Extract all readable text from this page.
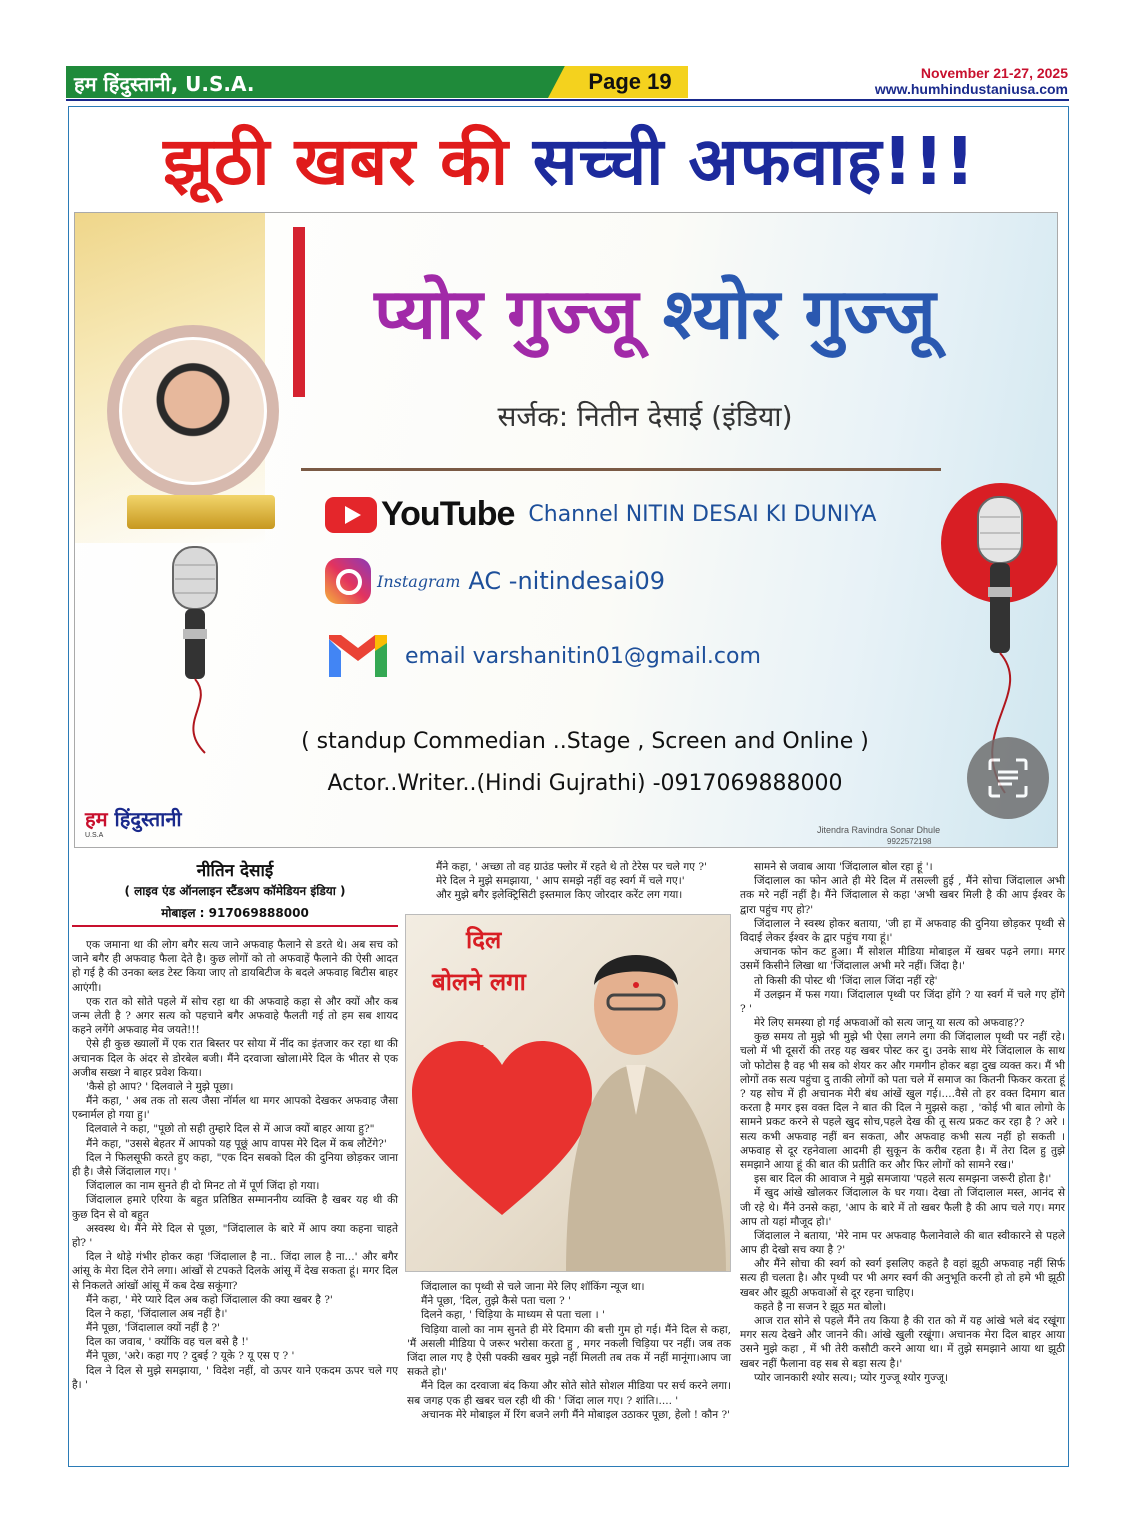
हम हिंदुस्तानी, U.S.A.	Page 19	November 21-27, 2025
www.humhindustaniusa.com
झूठी खबर की सच्ची अफवाह!!!
प्योर गुज्जू श्योर गुज्जू
सर्जक: नितीन देसाई (इंडिया)
YouTube Channel NITIN DESAI KI DUNIYA
Instagram AC -nitindesai09
email varshanitin01@gmail.com
( standup Commedian ..Stage , Screen and Online )
Actor..Writer..(Hindi Gujrathi) -0917069888000
Jitendra Ravindra Sonar Dhule
9922572198
हम हिंदुस्तानी
U.S.A
नीतिन देसाई
( लाइव एंड ऑनलाइन स्टैंडअप कॉमेडियन इंडिया )
मोबाइल : 917069888000

एक जमाना था की लोग बगैर सत्य जाने अफवाह फैलाने से डरते थे। अब सच को जाने बगैर ही अफवाह फैला देते है। कुछ लोगों को तो अफवाहें फैलाने की ऐसी आदत हो गई है की उनका ब्लड टेस्ट किया जाए तो डायबिटीज के बदले अफवाह बिटीस बाहर आएंगी।

एक रात को सोते पहले में सोच रहा था की अफवाहे कहा से और क्यों और कब जन्म लेती है ? अगर सत्य को पहचाने बगैर अफवाहे फैलती गई तो हम सब शायद कहने लगेंगे अफवाह मेव जयते!!!

ऐसे ही कुछ ख्यालों में एक रात बिस्तर पर सोया में नींद का इंतजार कर रहा था की अचानक दिल के अंदर से डोरबेल बजी। मैंने दरवाजा खोला।मेरे दिल के भीतर से एक अजीब सख्श ने बाहर प्रवेश किया।

'कैसे हो आप? ' दिलवाले ने मुझे पूछा।

मैंने कहा, ' अब तक तो सत्य जैसा नॉर्मल था मगर आपको देखकर अफवाह जैसा एब्नार्मल हो गया हु।'

दिलवाले ने कहा, "पूछो तो सही तुम्हारे दिल से में आज क्यों बाहर आया हु?"

मैंने कहा, "उससे बेहतर में आपको यह पूछूं आप वापस मेरे दिल में कब लौटेंगे?'

दिल ने फिलसूफी करते हुए कहा, "एक दिन सबको दिल की दुनिया छोड़कर जाना ही है। जैसे जिंदालाल गए। '

जिंदालाल का नाम सुनते ही दो मिनट तो में पूर्ण जिंदा हो गया।

जिंदालाल हमारे एरिया के बहुत प्रतिष्ठित सम्माननीय व्यक्ति है खबर यह थी की कुछ दिन से वो बहुत

अस्वस्थ थे। मैंने मेरे दिल से पूछा, "जिंदालाल के बारे में आप क्या कहना चाहते हो? '

दिल ने थोड़े गंभीर होकर कहा 'जिंदालाल है ना.. जिंदा लाल है ना...' और बगैर आंसू के मेरा दिल रोने लगा। आंखों से टपकते दिलके आंसू में देख सकता हूं। मगर दिल से निकलते आंखों आंसू में कब देख सकूंगा?

मैंने कहा, ' मेरे प्यारे दिल अब कहो जिंदालाल की क्या खबर है ?'

दिल ने कहा, 'जिंदालाल अब नहीं है।'

मैंने पूछा, 'जिंदालाल क्यों नहीं है ?'

दिल का जवाब, ' क्योंकि वह चल बसे है !'

मैंने पूछा, 'अरे। कहा गए ? दुबई ? यूके ? यू एस ए ? '

दिल ने दिल से मुझे समझाया, ' विदेश नहीं, वो ऊपर याने एकदम ऊपर चले गए है। '

मैंने कहा, ' अच्छा तो वह ग्राउंड फ्लोर में रहते थे तो टेरेस पर चले गए ?'

मेरे दिल ने मुझे समझाया, ' आप समझे नहीं वह स्वर्ग में चले गए।'

और मुझे बगैर इलेक्ट्रिसिटी इस्तमाल किए जोरदार करेंट लग गया।

दिल
बोलने लगा

जिंदालाल का पृथ्वी से चले जाना मेरे लिए शॉकिंग न्यूज था।

मैंने पूछा, 'दिल, तुझे कैसे पता चला ? '

दिलने कहा, ' चिड़िया के माध्यम से पता चला । '

चिड़िया वालो का नाम सुनते ही मेरे दिमाग की बत्ती गुम हो गई। मैंने दिल से कहा, 'मैं असली मीडिया पे जरूर भरोसा करता हु , मगर नकली चिड़िया पर नहीं। जब तक जिंदा लाल गए है ऐसी पक्की खबर मुझे नहीं मिलती तब तक में नहीं मानूंगा।आप जा सकते हो।'

मैंने दिल का दरवाजा बंद किया और सोते सोते सोशल मीडिया पर सर्च करने लगा। सब जगह एक ही खबर चल रही थी की ' जिंदा लाल गए। ? शांति।.... '

अचानक मेरे मोबाइल में रिंग बजने लगी मैंने मोबाइल उठाकर पूछा, हेलो ! कौन ?'

सामने से जवाब आया 'जिंदालाल बोल रहा हूं '।

जिंदालाल का फोन आते ही मेरे दिल में तसल्ली हुई , मैंने सोचा जिंदालाल अभी तक मरे नहीं नहीं है। मैंने जिंदालाल से कहा 'अभी खबर मिली है की आप ईश्वर के द्वारा पहुंच गए हो?'

जिंदालाल ने स्वस्थ होकर बताया, 'जी हा में अफवाह की दुनिया छोड़कर पृथ्वी से विदाई लेकर ईश्वर के द्वार पहुंच गया हूं।'

अचानक फोन कट हुआ। मैं सोशल मीडिया मोबाइल में खबर पढ़ने लगा। मगर उसमें किसीने लिखा था 'जिंदालाल अभी मरे नहीं। जिंदा है।'

तो किसी की पोस्ट थी 'जिंदा लाल जिंदा नहीं रहे'

में उलझन में फस गया। जिंदालाल पृथ्वी पर जिंदा होंगे ? या स्वर्ग में चले गए होंगे ? '

मेरे लिए समस्या हो गई अफवाओं को सत्य जानू या सत्य को अफवाह??

कुछ समय तो मुझे भी मुझे भी ऐसा लगने लगा की जिंदालाल पृथ्वी पर नहीं रहे। चलो में भी दूसरों की तरह यह खबर पोस्ट कर दु। उनके साथ मेरे जिंदालाल के साथ जो फोटोस है वह भी सब को शेयर कर और गमगीन होकर बड़ा दुख व्यक्त कर। मैं भी लोगों तक सत्य पहुंचा दु ताकी लोगों को पता चले में समाज का कितनी फिकर करता हूं ? यह सोच में ही अचानक मेरी बंध आंखें खुल गई।....वैसे तो हर वक्त दिमाग बात करता है मगर इस वक्त दिल ने बात की दिल ने मुझसे कहा , 'कोई भी बात लोगो के सामने प्रकट करने से पहले खुद सोच,पहले देख की तू सत्य प्रकट कर रहा है ? अरे । सत्य कभी अफवाह नहीं बन सकता, और अफवाह कभी सत्य नहीं हो सकती । अफवाह से दूर रहनेवाला आदमी ही सुकून के करीब रहता है। में तेरा दिल हु तुझे समझाने आया हूं की बात की प्रतीति कर और फिर लोगों को सामने रख।'

इस बार दिल की आवाज ने मुझे समजाया 'पहले सत्य समझना जरूरी होता है।'

में खुद आंखे खोलकर जिंदालाल के घर गया। देखा तो जिंदालाल मस्त, आनंद से जी रहे थे। मैंने उनसे कहा, 'आप के बारे में तो खबर फैली है की आप चले गए। मगर आप तो यहां मौजूद हो।'

जिंदालाल ने बताया, 'मेरे नाम पर अफवाह फैलानेवाले की बात स्वीकारने से पहले आप ही देखो सच क्या है ?'

और मैंने सोचा की स्वर्ग को स्वर्ग इसलिए कहते है वहां झूठी अफवाह नहीं सिर्फ सत्य ही चलता है। और पृथ्वी पर भी अगर स्वर्ग की अनुभूति करनी हो तो हमे भी झूठी खबर और झूठी अफवाओं से दूर रहना चाहिए।

कहते है ना सजन रे झूठ मत बोलो।

आज रात सोने से पहले मैंने तय किया है की रात को में यह आंखे भले बंद रखूंगा मगर सत्य देखने और जानने की। आंखे खुली रखूंगा। अचानक मेरा दिल बाहर आया उसने मुझे कहा , में भी तेरी कसौटी करने आया था। में तुझे समझाने आया था झूठी खबर नहीं फैलाना वह सब से बड़ा सत्य है।'

प्योर जानकारी श्योर सत्य।; प्योर गुज्जू श्योर गुज्जू।
